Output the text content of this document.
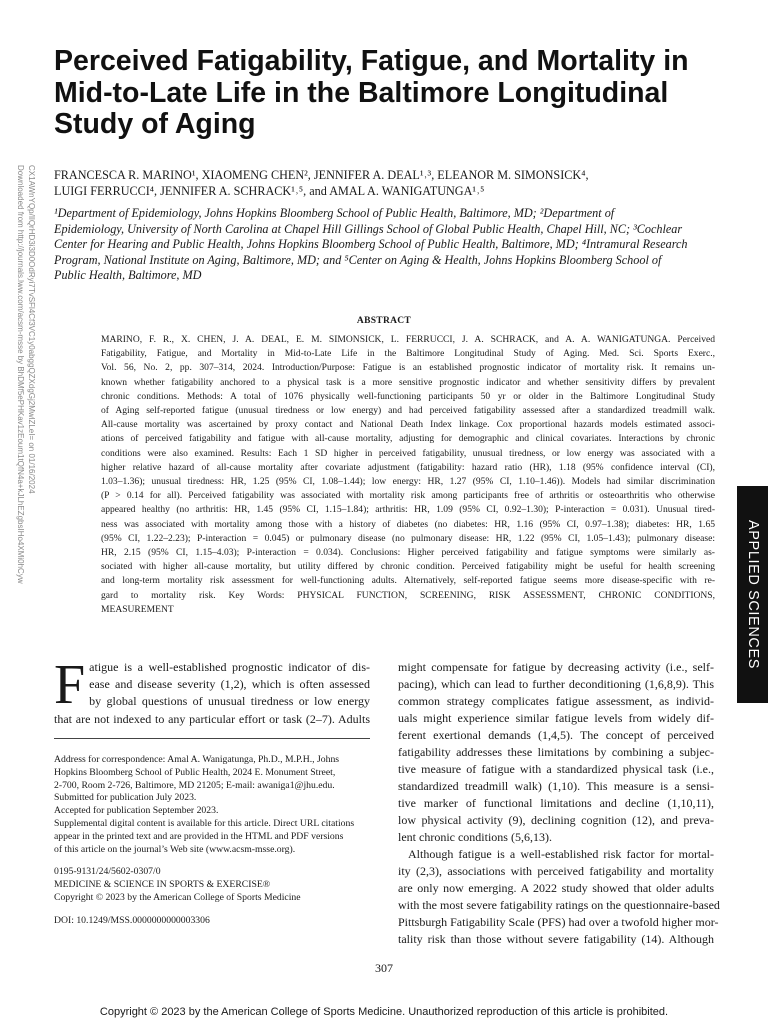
Perceived Fatigability, Fatigue, and Mortality in
Mid-to-Late Life in the Baltimore Longitudinal
Study of Aging
Downloaded from http://journals.lww.com/acsm-msse by BhDMf5ePHKav1zEoum1tQfN4a+kJLhEZgbsIHo4XMi0hCyw CX1AWnYQp/IlQrHD3i3D0OdRyi7TvSFl4Cf3VC1y0abggQZXdgGj2MwlZLeI= on 01/16/2024 FRANCESCA R. MARINO¹, XIAOMENG CHEN², JENNIFER A. DEAL¹˒³, ELEANOR M. SIMONSICK⁴,
LUIGI FERRUCCI⁴, JENNIFER A. SCHRACK¹˒⁵, and AMAL A. WANIGATUNGA¹˒⁵
¹Department of Epidemiology, Johns Hopkins Bloomberg School of Public Health, Baltimore, MD; ²Department of
Epidemiology, University of North Carolina at Chapel Hill Gillings School of Global Public Health, Chapel Hill, NC; ³Cochlear
Center for Hearing and Public Health, Johns Hopkins Bloomberg School of Public Health, Baltimore, MD; ⁴Intramural Research
Program, National Institute on Aging, Baltimore, MD; and ⁵Center on Aging & Health, Johns Hopkins Bloomberg School of
Public Health, Baltimore, MD
ABSTRACT
MARINO, F. R., X. CHEN, J. A. DEAL, E. M. SIMONSICK, L. FERRUCCI, J. A. SCHRACK, and A. A. WANIGATUNGA. Perceived
Fatigability, Fatigue, and Mortality in Mid-to-Late Life in the Baltimore Longitudinal Study of Aging. Med. Sci. Sports Exerc.,
Vol. 56, No. 2, pp. 307–314, 2024. Introduction/Purpose: Fatigue is an established prognostic indicator of mortality risk. It remains un-
known whether fatigability anchored to a physical task is a more sensitive prognostic indicator and whether sensitivity differs by prevalent
chronic conditions. Methods: A total of 1076 physically well-functioning participants 50 yr or older in the Baltimore Longitudinal Study
of Aging self-reported fatigue (unusual tiredness or low energy) and had perceived fatigability assessed after a standardized treadmill walk.
All-cause mortality was ascertained by proxy contact and National Death Index linkage. Cox proportional hazards models estimated associ-
ations of perceived fatigability and fatigue with all-cause mortality, adjusting for demographic and clinical covariates. Interactions by chronic
conditions were also examined. Results: Each 1 SD higher in perceived fatigability, unusual tiredness, or low energy was associated with a
higher relative hazard of all-cause mortality after covariate adjustment (fatigability: hazard ratio (HR), 1.18 (95% confidence interval (CI),
1.03–1.36); unusual tiredness: HR, 1.25 (95% CI, 1.08–1.44); low energy: HR, 1.27 (95% CI, 1.10–1.46)). Models had similar discrimination
(P > 0.14 for all). Perceived fatigability was associated with mortality risk among participants free of arthritis or osteoarthritis who otherwise
appeared healthy (no arthritis: HR, 1.45 (95% CI, 1.15–1.84); arthritis: HR, 1.09 (95% CI, 0.92–1.30); P-interaction = 0.031). Unusual tired-
ness was associated with mortality among those with a history of diabetes (no diabetes: HR, 1.16 (95% CI, 0.97–1.38); diabetes: HR, 1.65
(95% CI, 1.22–2.23); P-interaction = 0.045) or pulmonary disease (no pulmonary disease: HR, 1.22 (95% CI, 1.05–1.43); pulmonary disease:
HR, 2.15 (95% CI, 1.15–4.03); P-interaction = 0.034). Conclusions: Higher perceived fatigability and fatigue symptoms were similarly as-
sociated with higher all-cause mortality, but utility differed by chronic condition. Perceived fatigability might be useful for health screening
and long-term mortality risk assessment for well-functioning adults. Alternatively, self-reported fatigue seems more disease-specific with re-
gard to mortality risk. Key Words: PHYSICAL FUNCTION, SCREENING, RISK ASSESSMENT, CHRONIC CONDITIONS,
MEASUREMENT	APPLIED SCIENCES
F atigue is a well-established prognostic indicator of dis-
ease and disease severity (1,2), which is often assessed
by global questions of unusual tiredness or low energy
that are not indexed to any particular effort or task (2–7). Adults
Address for correspondence: Amal A. Wanigatunga, Ph.D., M.P.H., Johns
Hopkins Bloomberg School of Public Health, 2024 E. Monument Street,
2-700, Room 2-726, Baltimore, MD 21205; E-mail: awaniga1@jhu.edu.
Submitted for publication July 2023.
Accepted for publication September 2023.
Supplemental digital content is available for this article. Direct URL citations
appear in the printed text and are provided in the HTML and PDF versions
of this article on the journal’s Web site (www.acsm-msse.org).
0195-9131/24/5602-0307/0
MEDICINE & SCIENCE IN SPORTS & EXERCISE®
Copyright © 2023 by the American College of Sports Medicine
DOI: 10.1249/MSS.0000000000003306
might compensate for fatigue by decreasing activity (i.e., self-
pacing), which can lead to further deconditioning (1,6,8,9). This
common strategy complicates fatigue assessment, as individ-
uals might experience similar fatigue levels from widely dif-
ferent exertional demands (1,4,5). The concept of perceived
fatigability addresses these limitations by combining a subjec-
tive measure of fatigue with a standardized physical task (i.e.,
standardized treadmill walk) (1,10). This measure is a sensi-
tive marker of functional limitations and decline (1,10,11),
low physical activity (9), declining cognition (12), and preva-
lent chronic conditions (5,6,13).
Although fatigue is a well-established risk factor for mortal-
ity (2,3), associations with perceived fatigability and mortality
are only now emerging. A 2022 study showed that older adults
with the most severe fatigability ratings on the questionnaire-based
Pittsburgh Fatigability Scale (PFS) had over a twofold higher mor-
tality risk than those without severe fatigability (14). Although
307
Copyright © 2023 by the American College of Sports Medicine. Unauthorized reproduction of this article is prohibited.
